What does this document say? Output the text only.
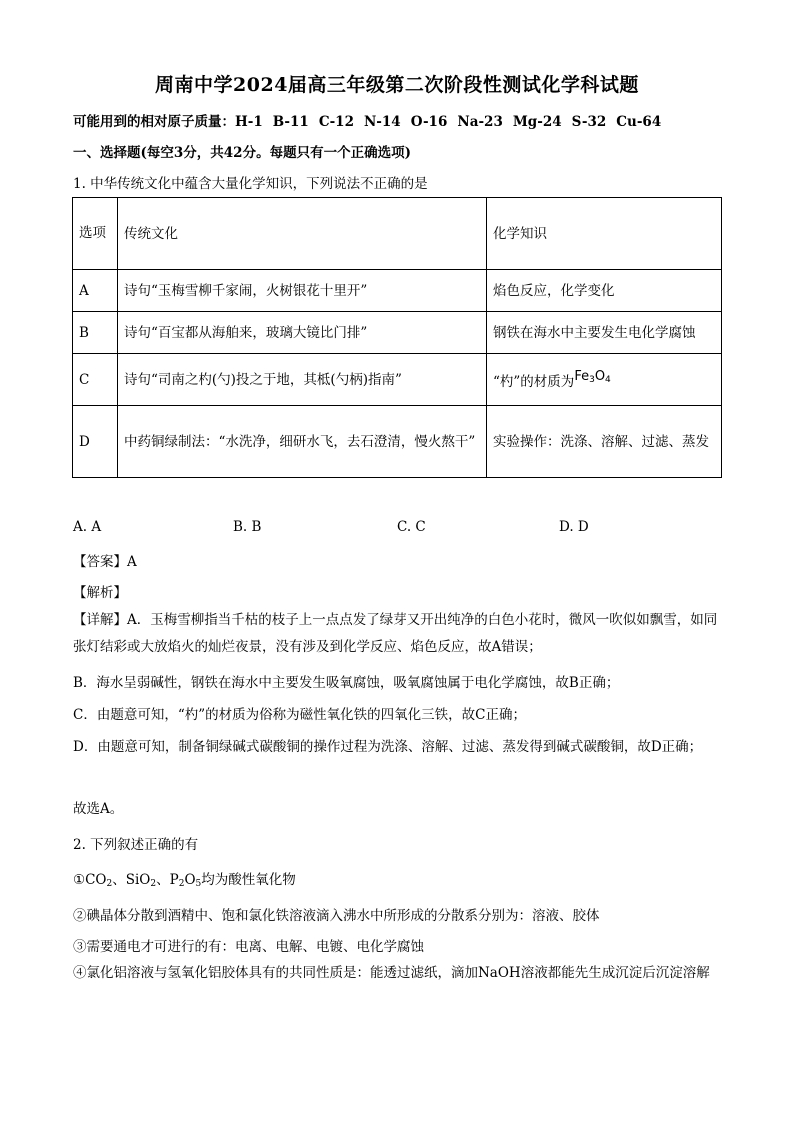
周南中学2024届高三年级第二次阶段性测试化学科试题
可能用到的相对原子质量：H-1 B-11 C-12 N-14 O-16 Na-23 Mg-24 S-32 Cu-64
一、选择题(每空3分，共42分。每题只有一个正确选项)
1. 中华传统文化中蕴含大量化学知识，下列说法不正确的是
选项	传统文化	化学知识
A	诗句“玉梅雪柳千家闹，火树银花十里开”	焰色反应，化学变化
B	诗句“百宝都从海舶来，玻璃大镜比门排”	钢铁在海水中主要发生电化学腐蚀
C	诗句“司南之杓(勺)投之于地，其柢(勺柄)指南”	“杓”的材质为$Fe_3O_4$
D	中药铜绿制法：“水洗净，细研水飞，去石澄清，慢火熬干”	实验操作：洗涤、溶解、过滤、蒸发
A. A	B. B	C. C	D. D
【答案】A
【解析】
【详解】A．玉梅雪柳指当千枯的枝子上一点点发了绿芽又开出纯净的白色小花时，微风一吹似如飘雪，如同张灯结彩或大放焰火的灿烂夜景，没有涉及到化学反应、焰色反应，故A错误；
B．海水呈弱碱性，钢铁在海水中主要发生吸氧腐蚀，吸氧腐蚀属于电化学腐蚀，故B正确；
C．由题意可知，“杓”的材质为俗称为磁性氧化铁的四氧化三铁，故C正确；
D．由题意可知，制备铜绿碱式碳酸铜的操作过程为洗涤、溶解、过滤、蒸发得到碱式碳酸铜，故D正确；
故选A。
2. 下列叙述正确的有
$①CO_2$、SiO$_2$、$P_2O_5$均为酸性氧化物
②碘晶体分散到酒精中、饱和氯化铁溶液滴入沸水中所形成的分散系分别为：溶液、胶体
③需要通电才可进行的有：电离、电解、电镀、电化学腐蚀
④氯化铝溶液与氢氧化铝胶体具有的共同性质是：能透过滤纸，滴加NaOH溶液都能先生成沉淀后沉淀溶解
